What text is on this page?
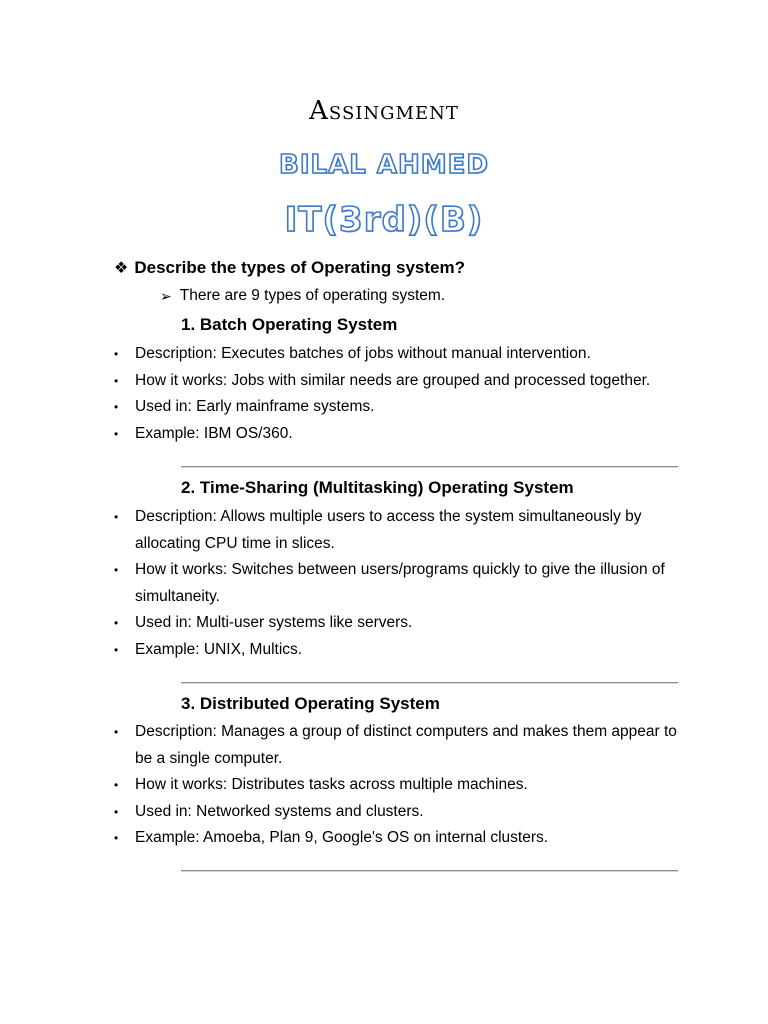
Assingment
BILAL AHMED
IT(3rd)(B)
❖ Describe the types of Operating system?
➢ There are 9 types of operating system.
1. Batch Operating System
•	Description: Executes batches of jobs without manual intervention.
•	How it works: Jobs with similar needs are grouped and processed together.
•	Used in: Early mainframe systems.
•	Example: IBM OS/360.
2. Time-Sharing (Multitasking) Operating System
•	Description: Allows multiple users to access the system simultaneously by allocating CPU time in slices.
•	How it works: Switches between users/programs quickly to give the illusion of simultaneity.
•	Used in: Multi-user systems like servers.
•	Example: UNIX, Multics.
3. Distributed Operating System
•	Description: Manages a group of distinct computers and makes them appear to be a single computer.
•	How it works: Distributes tasks across multiple machines.
•	Used in: Networked systems and clusters.
•	Example: Amoeba, Plan 9, Google's OS on internal clusters.
